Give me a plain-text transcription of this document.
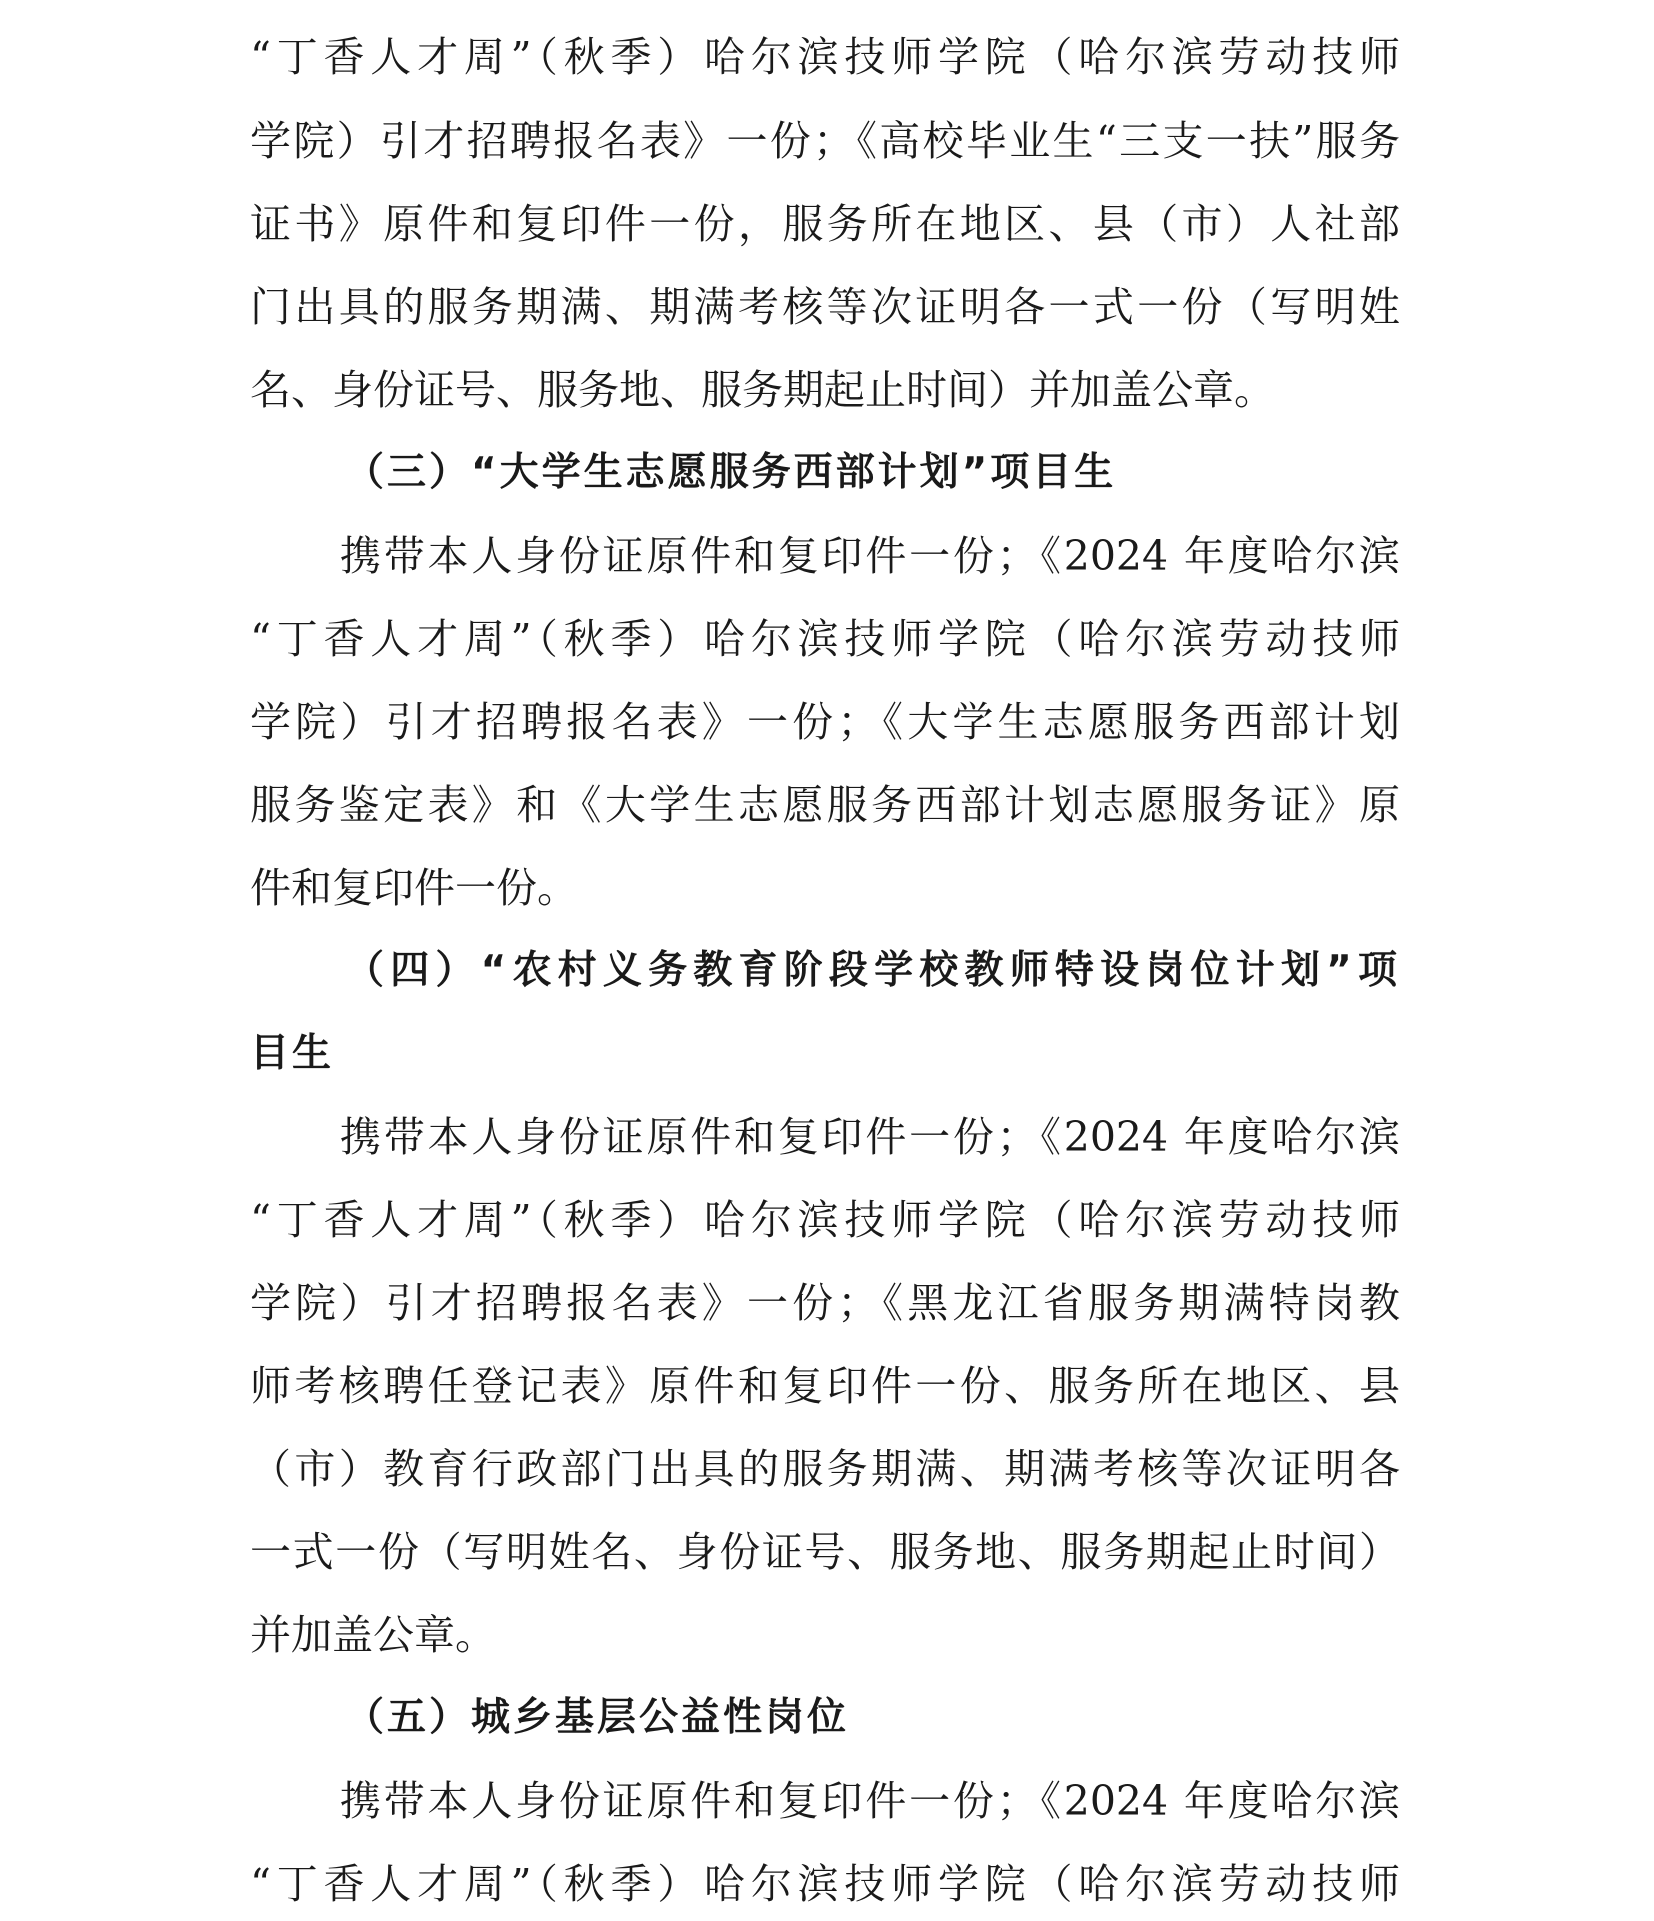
“丁香人才周”（秋季）哈尔滨技师学院（哈尔滨劳动技师

学院）引才招聘报名表》一份；《高校毕业生“三支一扶”服务

证书》原件和复印件一份，服务所在地区、县（市）人社部

门出具的服务期满、期满考核等次证明各一式一份（写明姓

名、身份证号、服务地、服务期起止时间）并加盖公章。

（三）“大学生志愿服务西部计划”项目生

携带本人身份证原件和复印件一份；《2024 年度哈尔滨

“丁香人才周”（秋季）哈尔滨技师学院（哈尔滨劳动技师

学院）引才招聘报名表》一份；《大学生志愿服务西部计划

服务鉴定表》和《大学生志愿服务西部计划志愿服务证》原

件和复印件一份。

（四）“农村义务教育阶段学校教师特设岗位计划”项

目生

携带本人身份证原件和复印件一份；《2024 年度哈尔滨

“丁香人才周”（秋季）哈尔滨技师学院（哈尔滨劳动技师

学院）引才招聘报名表》一份；《黑龙江省服务期满特岗教

师考核聘任登记表》原件和复印件一份、服务所在地区、县

（市）教育行政部门出具的服务期满、期满考核等次证明各

一式一份（写明姓名、身份证号、服务地、服务期起止时间）

并加盖公章。

（五）城乡基层公益性岗位

携带本人身份证原件和复印件一份；《2024 年度哈尔滨

“丁香人才周”（秋季）哈尔滨技师学院（哈尔滨劳动技师
